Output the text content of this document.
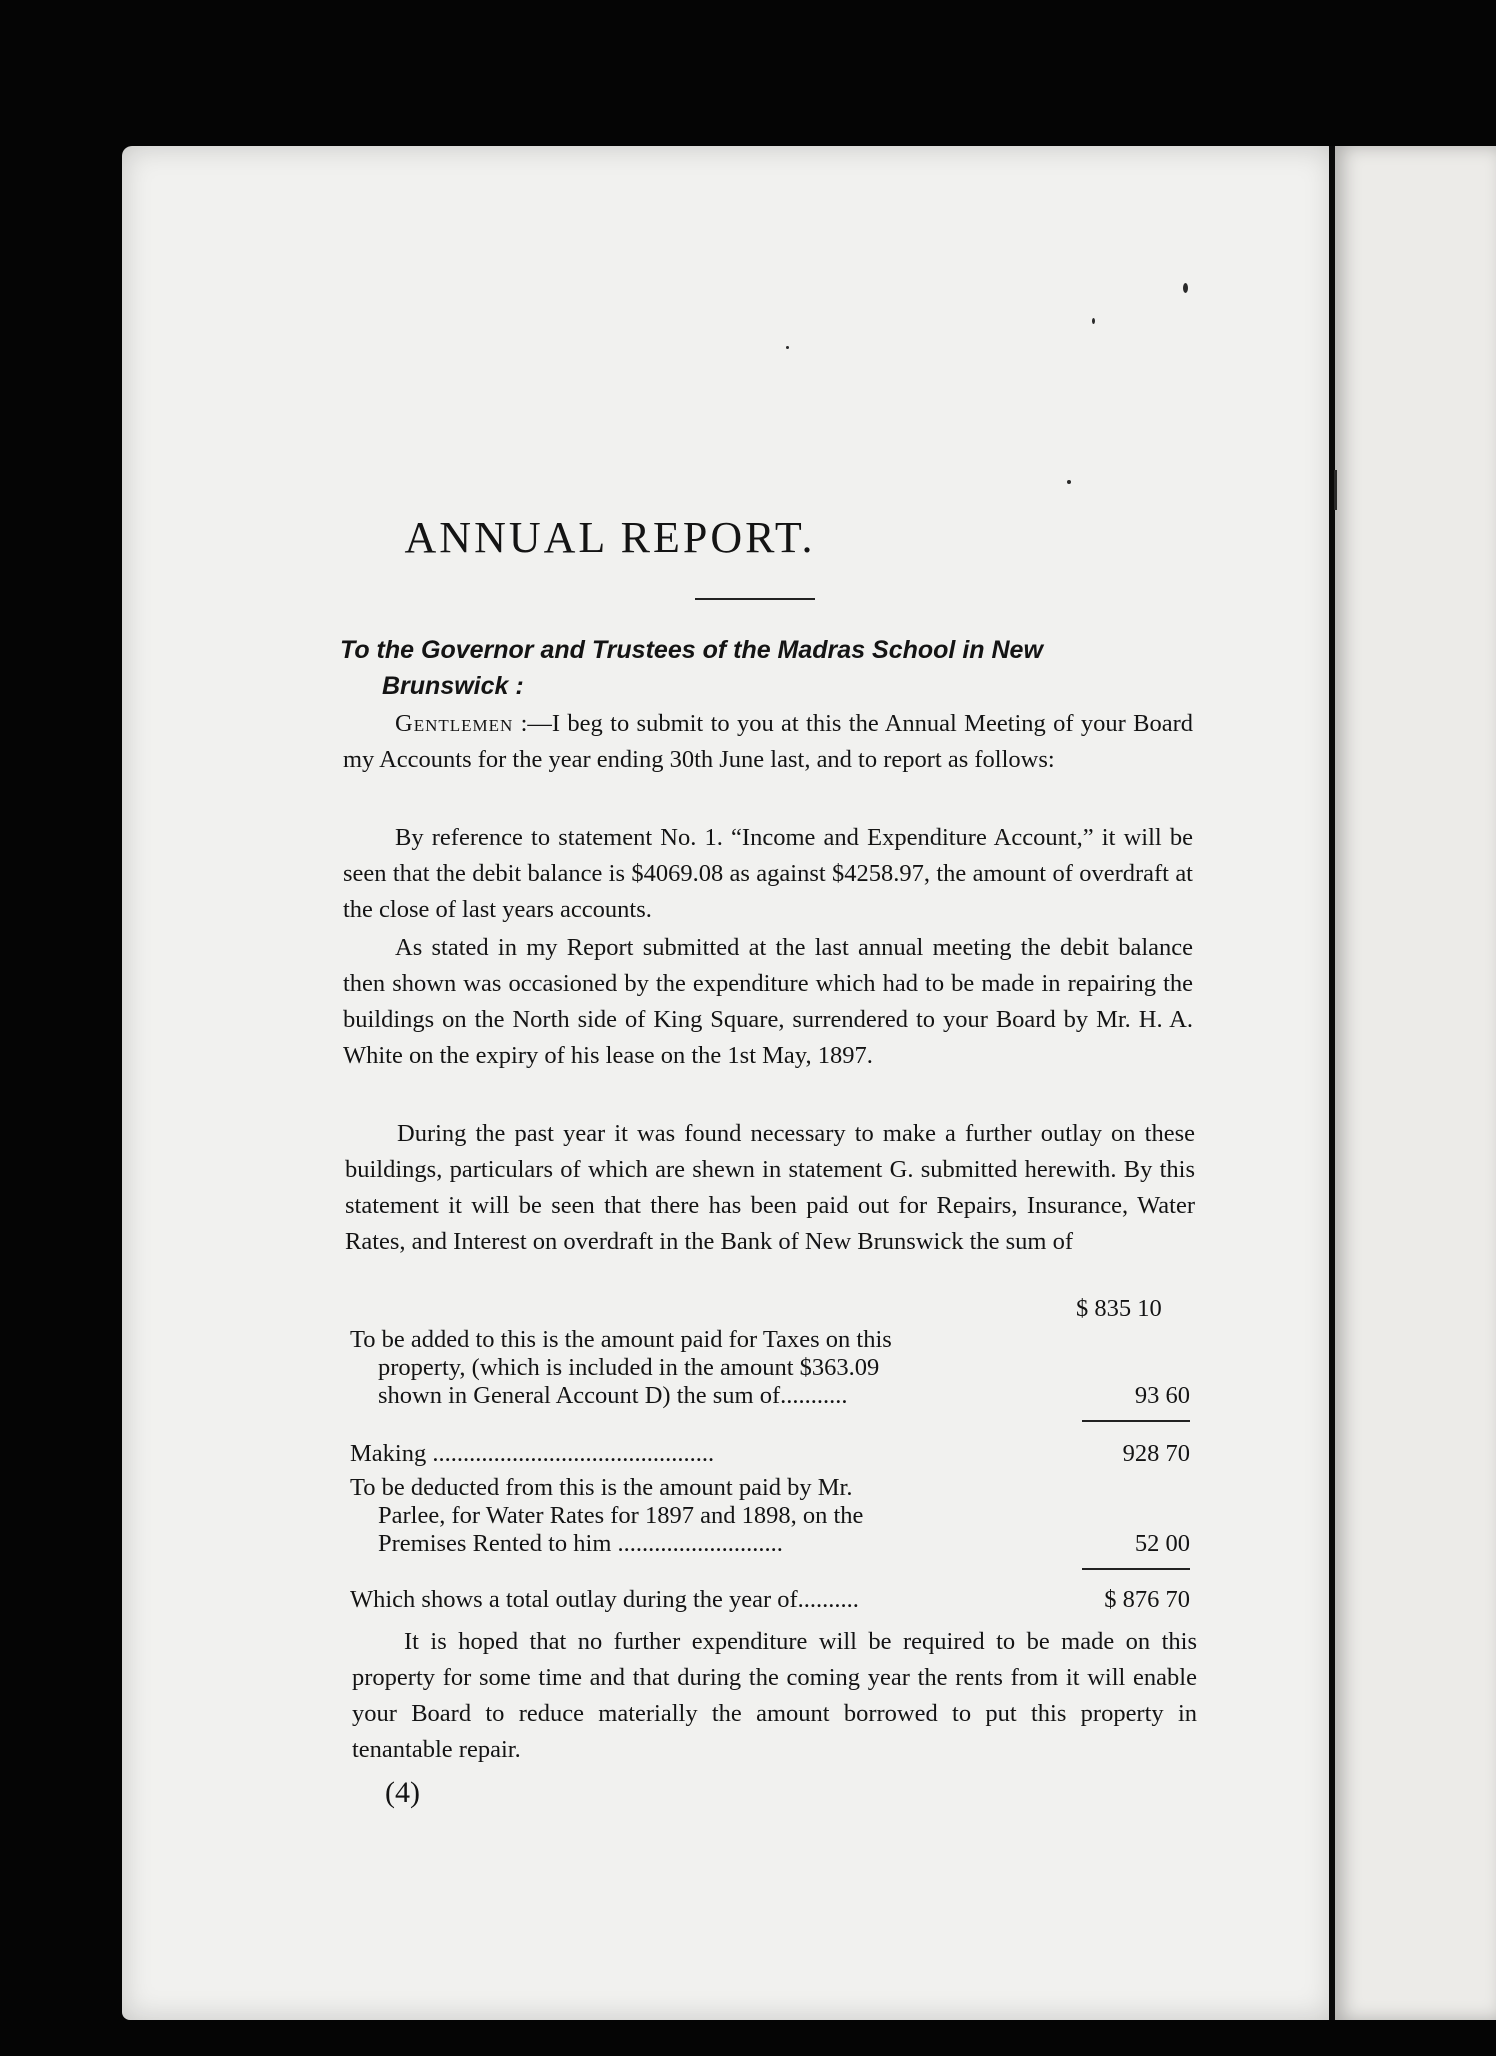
ANNUAL REPORT.
To the Governor and Trustees of the Madras School in New
Brunswick :

Gentlemen :—I beg to submit to you at this the Annual Meeting of your Board my Accounts for the year ending 30th June last, and to report as follows:

By reference to statement No. 1. “Income and Expenditure Account,” it will be seen that the debit balance is $4069.08 as against $4258.97, the amount of overdraft at the close of last years accounts.

As stated in my Report submitted at the last annual meeting the debit balance then shown was occasioned by the expenditure which had to be made in repairing the buildings on the North side of King Square, surrendered to your Board by Mr. H. A. White on the expiry of his lease on the 1st May, 1897.

During the past year it was found necessary to make a further outlay on these buildings, particulars of which are shewn in statement G. submitted herewith. By this statement it will be seen that there has been paid out for Repairs, Insurance, Water Rates, and Interest on overdraft in the Bank of New Brunswick the sum of

$ 835 10
To be added to this is the amount paid for Taxes on this
property, (which is included in the amount $363.09
shown in General Account D) the sum of...........	93 60
Making ..............................................	928 70
To be deducted from this is the amount paid by Mr.
Parlee, for Water Rates for 1897 and 1898, on the
Premises Rented to him ...........................	52 00
Which shows a total outlay during the year of..........	$ 876 70

It is hoped that no further expenditure will be required to be made on this property for some time and that during the coming year the rents from it will enable your Board to reduce materially the amount borrowed to put this property in tenantable repair.

(4)
